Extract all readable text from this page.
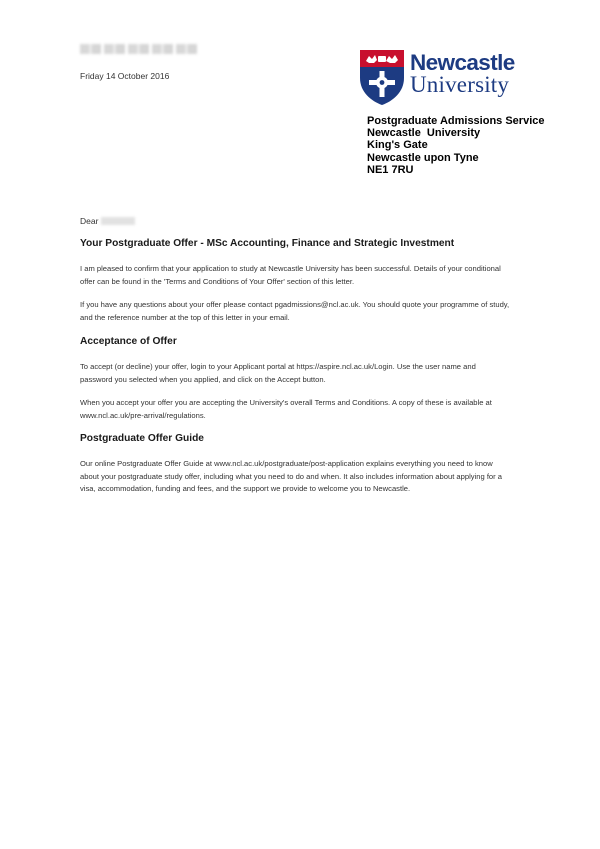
Friday 14 October 2016
Newcastle
University
Postgraduate Admissions Service
Newcastle  University
King's Gate
Newcastle upon Tyne
NE1 7RU
Dear
Your Postgraduate Offer - MSc Accounting, Finance and Strategic Investment
I am pleased to confirm that your application to study at Newcastle University has been successful. Details of your conditional
offer can be found in the 'Terms and Conditions of Your Offer' section of this letter.
If you have any questions about your offer please contact pgadmissions@ncl.ac.uk. You should quote your programme of study,
and the reference number at the top of this letter in your email.
Acceptance of Offer
To accept (or decline) your offer, login to your Applicant portal at https://aspire.ncl.ac.uk/Login. Use the user name and
password you selected when you applied, and click on the Accept button.
When you accept your offer you are accepting the University's overall Terms and Conditions. A copy of these is available at
www.ncl.ac.uk/pre-arrival/regulations.
Postgraduate Offer Guide
Our online Postgraduate Offer Guide at www.ncl.ac.uk/postgraduate/post-application explains everything you need to know
about your postgraduate study offer, including what you need to do and when. It also includes information about applying for a
visa, accommodation, funding and fees, and the support we provide to welcome you to Newcastle.
